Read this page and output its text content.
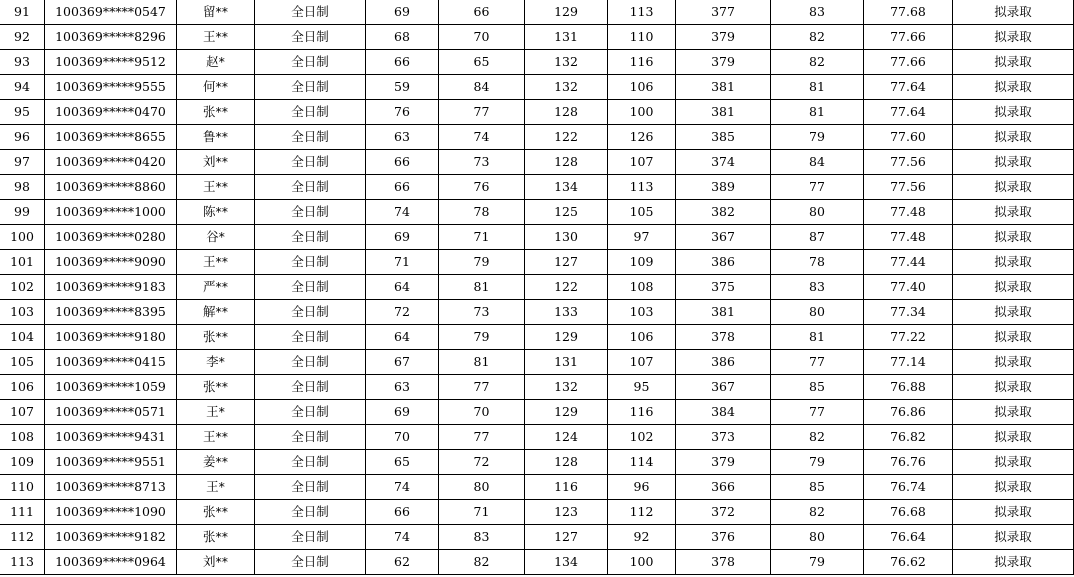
91	100369*****0547	留**	全日制	69	66	129	113	377	83	77.68	拟录取
92	100369*****8296	王**	全日制	68	70	131	110	379	82	77.66	拟录取
93	100369*****9512	赵*	全日制	66	65	132	116	379	82	77.66	拟录取
94	100369*****9555	何**	全日制	59	84	132	106	381	81	77.64	拟录取
95	100369*****0470	张**	全日制	76	77	128	100	381	81	77.64	拟录取
96	100369*****8655	鲁**	全日制	63	74	122	126	385	79	77.60	拟录取
97	100369*****0420	刘**	全日制	66	73	128	107	374	84	77.56	拟录取
98	100369*****8860	王**	全日制	66	76	134	113	389	77	77.56	拟录取
99	100369*****1000	陈**	全日制	74	78	125	105	382	80	77.48	拟录取
100	100369*****0280	谷*	全日制	69	71	130	97	367	87	77.48	拟录取
101	100369*****9090	王**	全日制	71	79	127	109	386	78	77.44	拟录取
102	100369*****9183	严**	全日制	64	81	122	108	375	83	77.40	拟录取
103	100369*****8395	解**	全日制	72	73	133	103	381	80	77.34	拟录取
104	100369*****9180	张**	全日制	64	79	129	106	378	81	77.22	拟录取
105	100369*****0415	李*	全日制	67	81	131	107	386	77	77.14	拟录取
106	100369*****1059	张**	全日制	63	77	132	95	367	85	76.88	拟录取
107	100369*****0571	王*	全日制	69	70	129	116	384	77	76.86	拟录取
108	100369*****9431	王**	全日制	70	77	124	102	373	82	76.82	拟录取
109	100369*****9551	姜**	全日制	65	72	128	114	379	79	76.76	拟录取
110	100369*****8713	王*	全日制	74	80	116	96	366	85	76.74	拟录取
111	100369*****1090	张**	全日制	66	71	123	112	372	82	76.68	拟录取
112	100369*****9182	张**	全日制	74	83	127	92	376	80	76.64	拟录取
113	100369*****0964	刘**	全日制	62	82	134	100	378	79	76.62	拟录取
